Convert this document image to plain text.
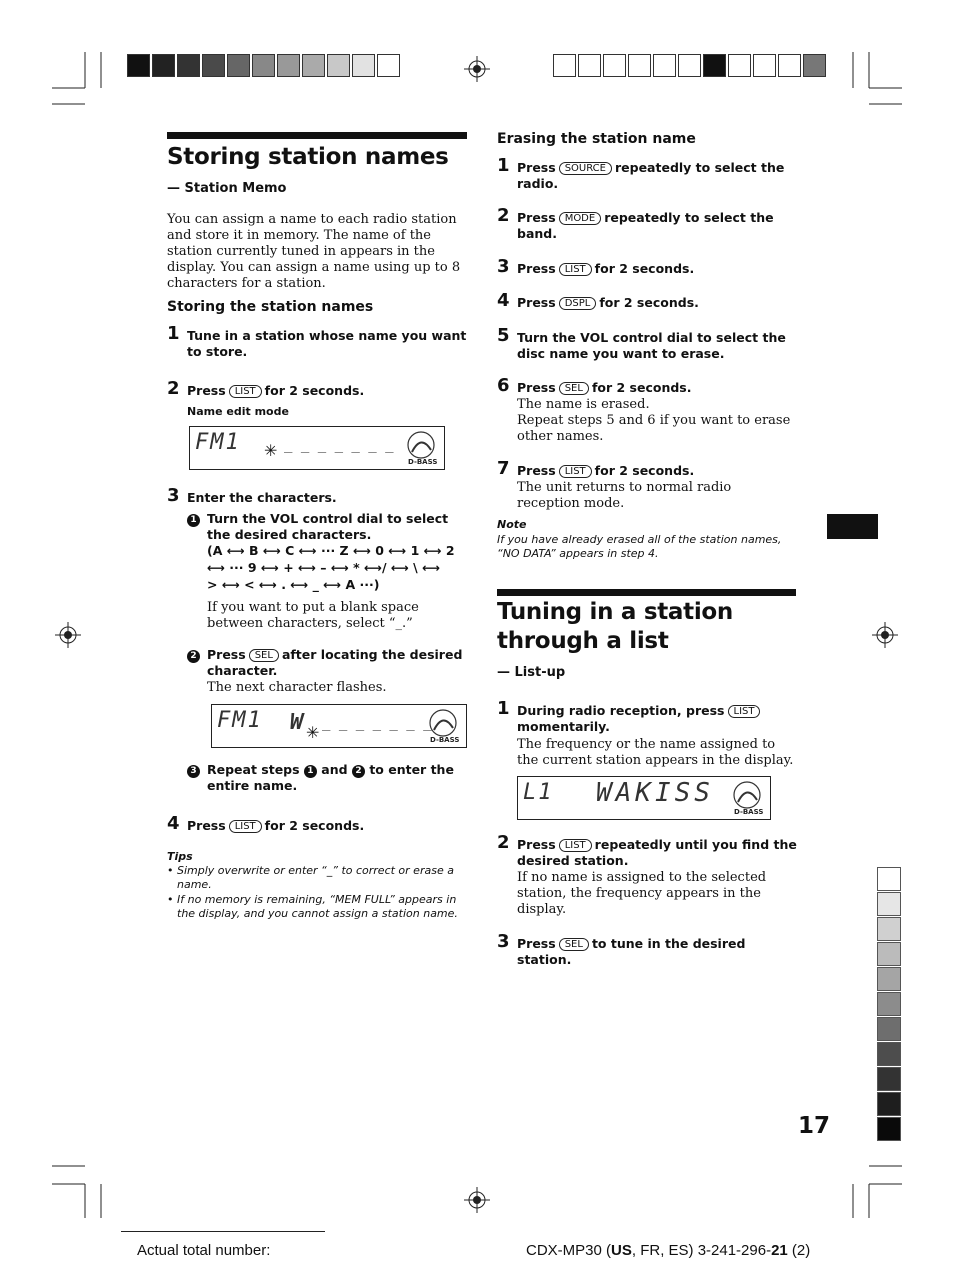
Storing station names
— Station Memo
You can assign a name to each radio station and store it in memory. The name of the station currently tuned in appears in the display. You can assign a name using up to 8 characters for a station.
Storing the station names
1 Tune in a station whose name you want to store.
2 Press LIST for 2 seconds.
Name edit mode
FM1 ✳ _ _ _ _ _ _ _
D-BASS
3 Enter the characters.
1 Turn the VOL control dial to select the desired characters.
(A ⟷ B ⟷ C ⟷ ··· Z ⟷ 0 ⟷ 1 ⟷ 2
⟷ ··· 9 ⟷ + ⟷ – ⟷ * ⟷/ ⟷ \ ⟷
> ⟷ < ⟷ . ⟷ _ ⟷ A ···)
If you want to put a blank space between characters, select “_.”
2 Press SEL after locating the desired character.
The next character flashes.
FM1 W ✳ _ _ _ _ _ _ _
D-BASS
3 Repeat steps 1 and 2 to enter the entire name.
4 Press LIST for 2 seconds.
Tips
• Simply overwrite or enter “_” to correct or erase a name.
• If no memory is remaining, “MEM FULL” appears in the display, and you cannot assign a station name.
Erasing the station name
1 Press SOURCE repeatedly to select the radio.
2 Press MODE repeatedly to select the band.
3 Press LIST for 2 seconds.
4 Press DSPL for 2 seconds.
5 Turn the VOL control dial to select the disc name you want to erase.
6 Press SEL for 2 seconds.
The name is erased.
Repeat steps 5 and 6 if you want to erase other names.
7 Press LIST for 2 seconds.
The unit returns to normal radio reception mode.
Note
If you have already erased all of the station names, “NO DATA” appears in step 4.
Tuning in a station
through a list
— List-up
1 During radio reception, press LISTmomentarily.
The frequency or the name assigned to the current station appears in the display.
L1 WAKISS
D-BASS
2 Press LIST repeatedly until you find the desired station.
If no name is assigned to the selected station, the frequency appears in the display.
3 Press SEL to tune in the desired station.
17
Actual total number:	CDX-MP30 (US, FR, ES) 3-241-296-21 (2)
